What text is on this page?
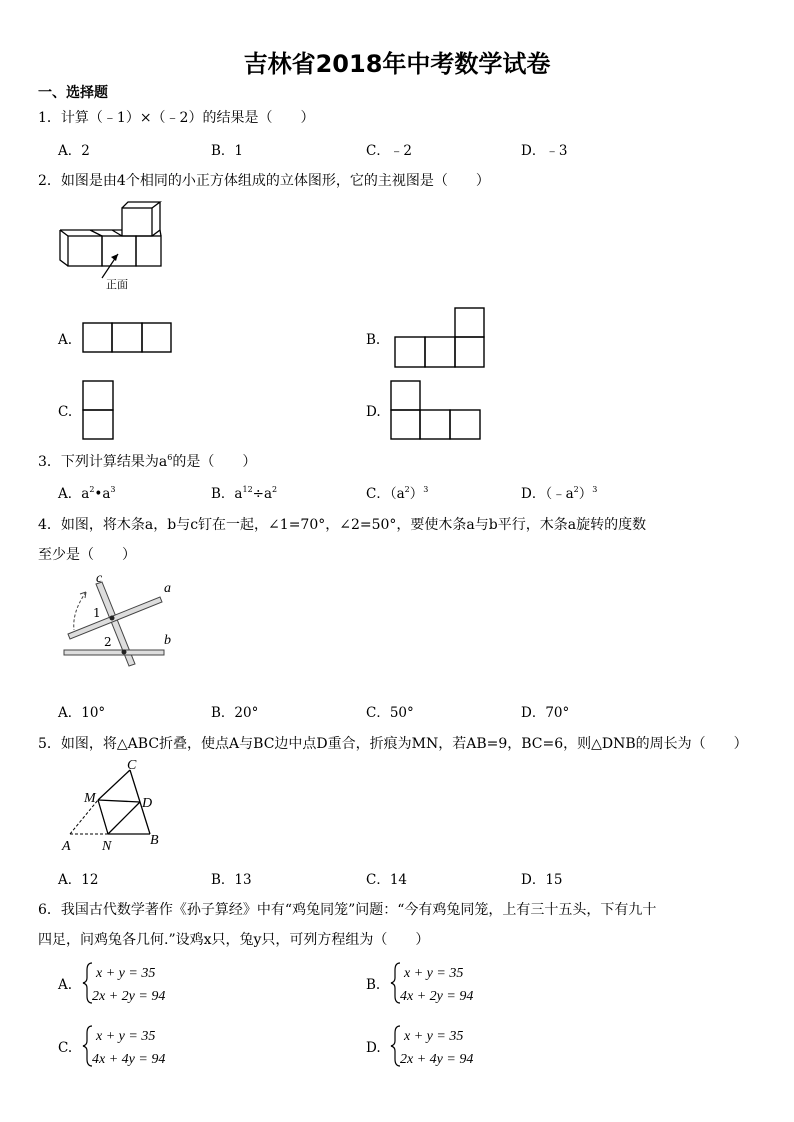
吉林省2018年中考数学试卷
一、选择题
1．计算（﹣1）×（﹣2）的结果是（　　）
A．2	B．1	C．﹣2	D．﹣3
2．如图是由4个相同的小正方体组成的立体图形，它的主视图是（　　）
正面
A.	B.
C.	D.
3．下列计算结果为$a^6$的是（　　）
A．$a^2•a^3$	B．$a^{12}\div a^2$	C．$(a^2)^3$	D．$(﹣a^2)^3$
4．如图，将木条a，b与c钉在一起，∠1=70°，∠2=50°，要使木条a与b平行，木条a旋转的度数
至少是（　　）
c
a
b
1
2
A．10°	B．20°	C．50°	D．70°
5．如图，将△ABC折叠，使点A与BC边中点D重合，折痕为MN，若AB=9，BC=6，则△DNB的周长为（　　）
C
M	D
A N	B
A．12	B．13	C．14	D．15
6．我国古代数学著作《孙子算经》中有“鸡兔同笼”问题：“今有鸡兔同笼，上有三十五头，下有九十
四足，问鸡兔各几何.”设鸡x只，兔y只，可列方程组为（　　）
A.
x + y = 35
2x + 2y = 94
B.
x + y = 35
4x + 2y = 94
C.
x + y = 35
4x + 4y = 94
D.
x + y = 35
2x + 4y = 94
